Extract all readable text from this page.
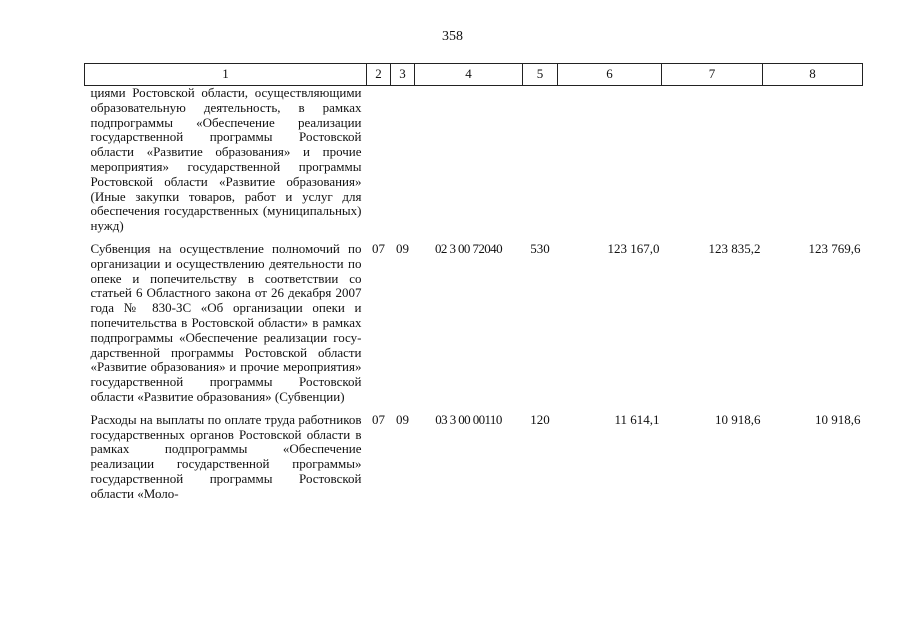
358
1	2	3	4	5	6	7	8
циями Ростовской области, осуществляющими образовательную деятельность, в рамках подпрограммы «Обеспечение реализации государственной программы Ростовской области «Развитие образования» и прочие мероприятия» государственной программы Ростовской области «Развитие образования» (Иные закупки товаров, работ и услуг для обеспечения государственных (муниципальных) нужд)							
Субвенция на осуществление полномочий по организации и осуществлению деятельности по опеке и попечительству в соответствии со статьей 6 Областного закона от 26 декабря 2007 года № 830-ЗС «Об организации опеки и попечительства в Ростовской области» в рамках подпрограммы «Обеспечение реализации государственной программы Ростовской области «Развитие образования» и прочие мероприятия» государственной программы Ростовской области «Развитие образования» (Субвенции)	07	09	02 3 00 72040	530	123 167,0	123 835,2	123 769,6
Расходы на выплаты по оплате труда работников государственных органов Ростовской области в рамках подпрограммы «Обеспечение реализации государственной программы» государственной программы Ростовской области «Моло-	07	09	03 3 00 00110	120	11 614,1	10 918,6	10 918,6
